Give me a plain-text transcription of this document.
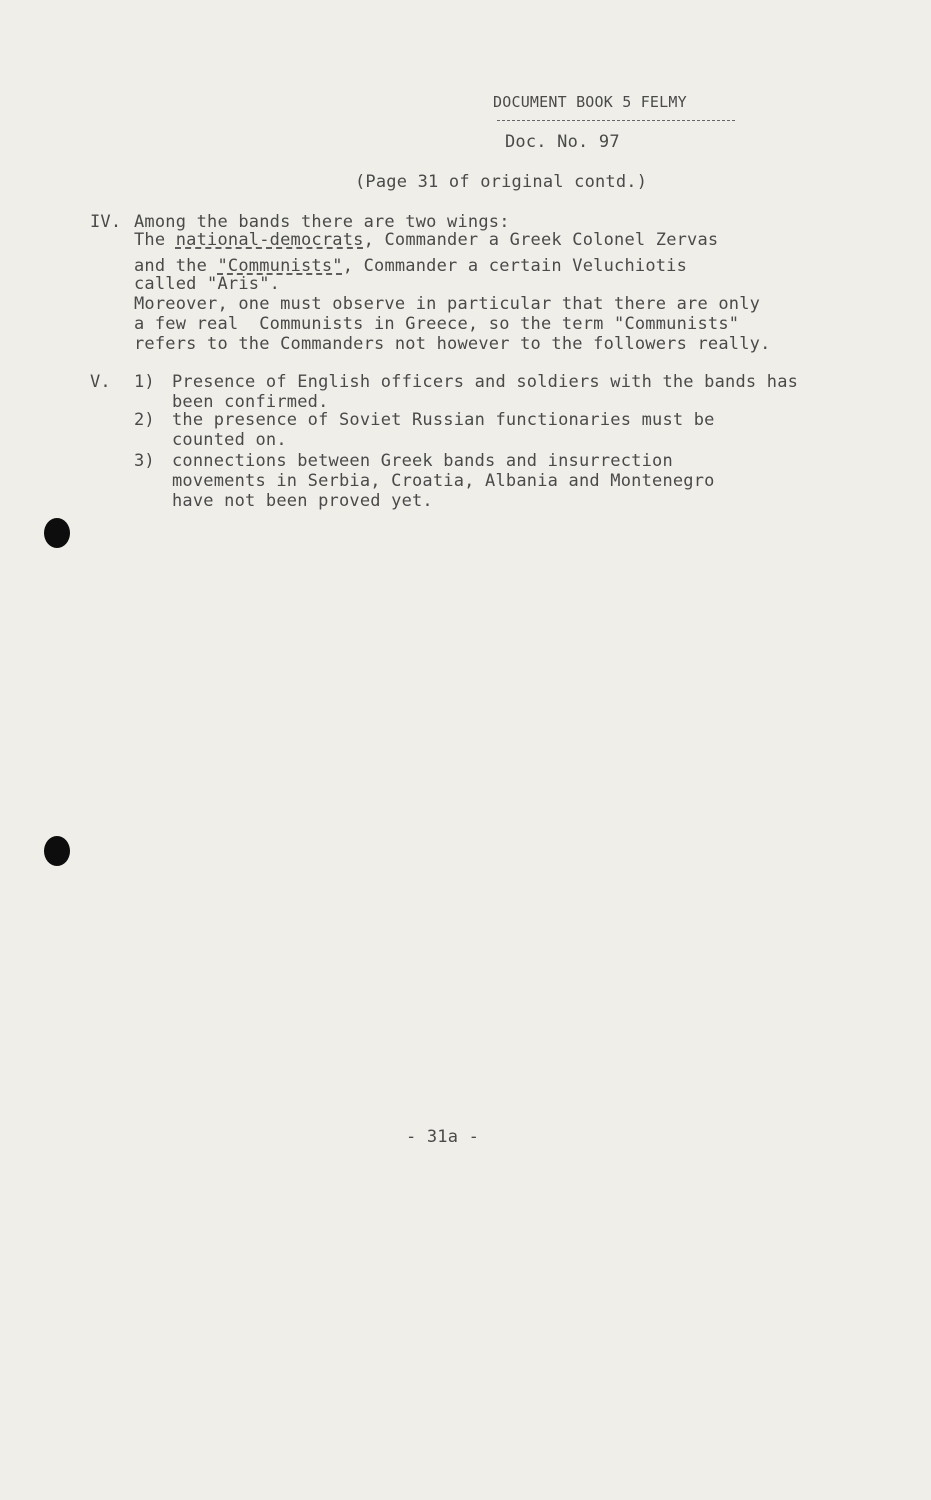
DOCUMENT BOOK 5 FELMY
Doc. No. 97
(Page 31 of original contd.)
IV. Among the bands there are two wings:
The national-democrats, Commander a Greek Colonel Zervas
and the "Communists", Commander a certain Veluchiotis
called "Aris".
Moreover, one must observe in particular that there are only
a few real  Communists in Greece, so the term "Communists"
refers to the Commanders not however to the followers really.
V. 1) Presence of English officers and soldiers with the bands has
been confirmed.
2) the presence of Soviet Russian functionaries must be
counted on.
3) connections between Greek bands and insurrection
movements in Serbia, Croatia, Albania and Montenegro
have not been proved yet.
- 31a -
